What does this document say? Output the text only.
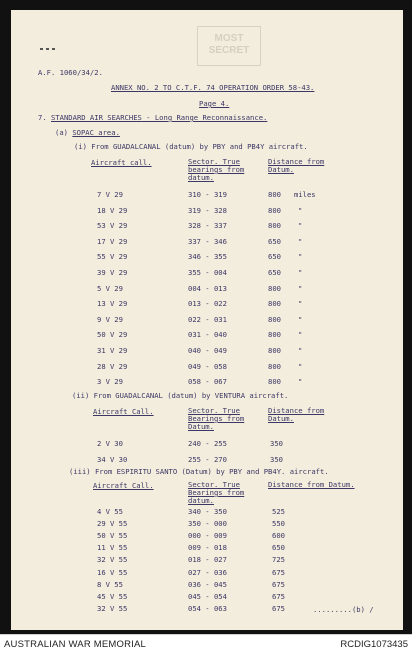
MOST
SECRET
A.F. 1060/34/2.
ANNEX NO. 2 TO C.T.F. 74 OPERATION ORDER 58-43.
Page 4.
7. STANDARD AIR SEARCHES - Long Range Reconnaissance.
(a) SOPAC area.
(i) From GUADALCANAL (datum) by PBY and PB4Y aircraft.
Aircraft call.	Sector. True
bearings from
datum.
Distance from
Datum.
7 V 29	310 - 319	800 miles
18 V 29	319 - 328	800 "
53 V 29	328 - 337	800 "
17 V 29	337 - 346	650 "
55 V 29	346 - 355	650 "
39 V 29	355 - 004	650 "
5 V 29	004 - 013	800 "
13 V 29	013 - 022	800 "
9 V 29	022 - 031	800 "
50 V 29	031 - 040	800 "
31 V 29	040 - 049	800 "
28 V 29	049 - 058	800 "
3 V 29	058 - 067	800 "
(ii) From GUADALCANAL (datum) by VENTURA aircraft.
Aircraft Call.	Sector. True
Bearings from
Datum.
Distance from
Datum.
2 V 30	240 - 255	350
34 V 30	255 - 270	350
(iii) From ESPIRITU SANTO (Datum) by PBY and PB4Y. aircraft.
Aircraft Call.	Sector. True
Bearings from
datum.
Distance from Datum.
4 V 55	340 - 350	525
29 V 55	350 - 000	550
50 V 55	000 - 009	600
11 V 55	009 - 018	650
32 V 55	018 - 027	725
16 V 55	027 - 036	675
8 V 55	036 - 045	675
45 V 55	045 - 054	675
32 V 55	054 - 063	675	.........(b) /
AUSTRALIAN WAR MEMORIAL	RCDIG1073435
